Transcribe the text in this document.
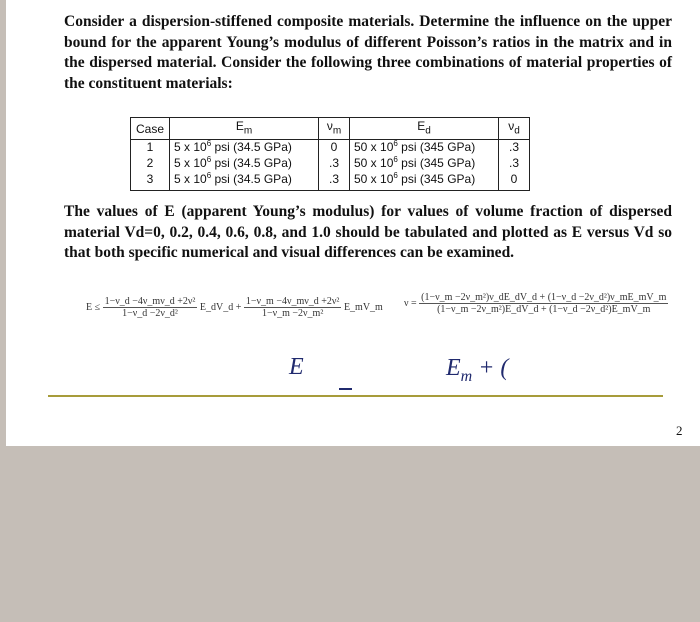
Consider a dispersion-stiffened composite materials. Determine the influence on the upper bound for the apparent Young’s modulus of different Poisson’s ratios in the matrix and in the dispersed material. Consider the following three combinations of material properties of the constituent materials:

Case	$E_m$	$\nu_m$	$E_d$	$\nu_d$
1	5 x $10^6$ psi (34.5 GPa)	0	50 x $10^6$ psi (345 GPa)	.3
2	5 x $10^6$ psi (34.5 GPa)	.3	50 x $10^6$ psi (345 GPa)	.3
3	5 x $10^6$ psi (34.5 GPa)	.3	50 x $10^6$ psi (345 GPa)	0

The values of E (apparent Young’s modulus) for values of volume fraction of dispersed material Vd=0, 0.2, 0.4, 0.6, 0.8, and 1.0 should be tabulated and plotted as E versus Vd so that both specific numerical and visual differences can be examined.

$E \le \frac{\text{1−ν\_d −4ν\_mν\_d +2ν²}}{\text{1−ν\_d −2ν\_d²}}$ E_dV_d + $\frac{\text{1−ν\_m −4ν\_mν\_d +2ν²}}{\text{1−ν\_m −2ν\_m²}}$ E_mV_m $\nu = \frac{\text{(1−ν\_m −2ν\_m²)ν\_dE\_dV\_d + (1−ν\_d −2ν\_d²)ν\_mE\_mV\_m}}{\text{(1−ν\_m −2ν\_m²)E\_dV\_d + (1−ν\_d −2ν\_d²)E\_mV\_m}}$
E	$E_m$ + (
2
